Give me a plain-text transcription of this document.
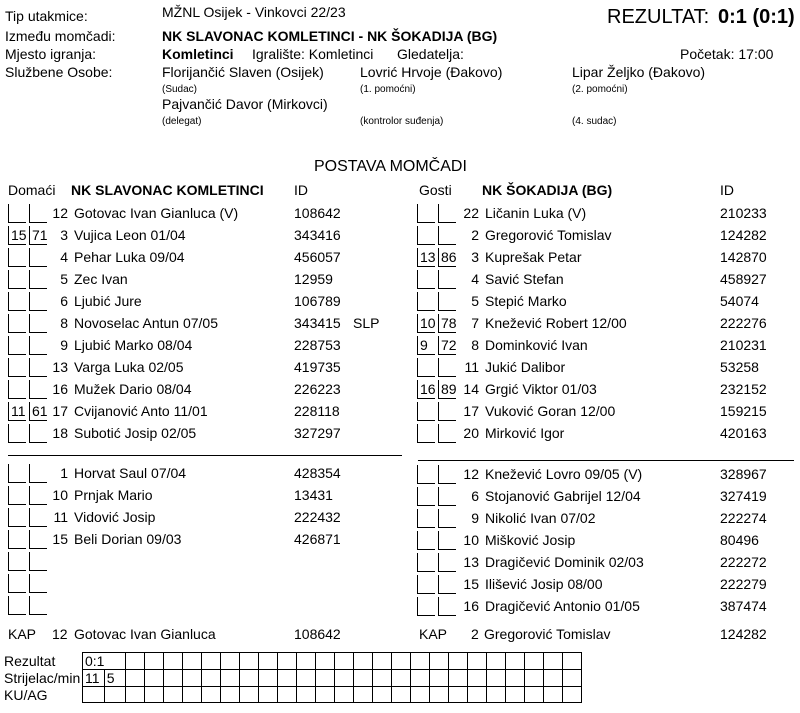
Tip utakmice:	MŽNL Osijek - Vinkovci 22/23	REZULTAT: 0:1 (0:1)
Između momčadi:	NK SLAVONAC KOMLETINCI - NK ŠOKADIJA (BG)
Mjesto igranja:	Komletinci Igralište: Komletinci Gledatelja:	Početak: 17:00
Službene Osobe:	Florijančić Slaven (Osijek)
(Sudac)
Lovrić Hrvoje (Đakovo)
(1. pomoćni)
Lipar Željko (Đakovo)
(2. pomoćni)
Pajvančić Davor (Mirkovci)
(delegat)	(kontrolor suđenja)	(4. sudac)
POSTAVA MOMČADI
Domaći NK SLAVONAC KOMLETINCI ID	Gosti NK ŠOKADIJA (BG)	ID
12 Gotovac Ivan Gianluca (V)	108642
15 71 3 Vujica Leon 01/04	343416
4 Pehar Luka 09/04	456057
5 Zec Ivan	12959
6 Ljubić Jure	106789
8 Novoselac Antun 07/05	343415 SLP
9 Ljubić Marko 08/04	228753
13 Varga Luka 02/05	419735
16 Mužek Dario 08/04	226223
11 61 17 Cvijanović Anto 11/01	228118
18 Subotić Josip 02/05	327297
1 Horvat Saul 07/04	428354
10 Prnjak Mario	13431
11 Vidović Josip	222432
15 Beli Dorian 09/03	426871
22 Ličanin Luka (V)	210233
2 Gregorović Tomislav	124282
13 86	3 Kuprešak Petar	142870
4 Savić Stefan	458927
5 Stepić Marko	54074
10 78	7 Knežević Robert 12/00	222276
9 72	8 Dominković Ivan	210231
11 Jukić Dalibor	53258
16 89 14 Grgić Viktor 01/03	232152
17 Vuković Goran 12/00	159215
20 Mirković Igor	420163
12 Knežević Lovro 09/05 (V)	328967
6 Stojanović Gabrijel 12/04	327419
9 Nikolić Ivan 07/02	222274
10 Mišković Josip	80496
13 Dragičević Dominik 02/03	222272
15 Ilišević Josip 08/00	222279
16 Dragičević Antonio 01/05	387474
KAP 12 Gotovac Ivan Gianluca	108642	KAP 2 Gregorović Tomislav	124282
Rezultat	0:1																									
Strijelac/min	11	5																								
KU/AG																										
